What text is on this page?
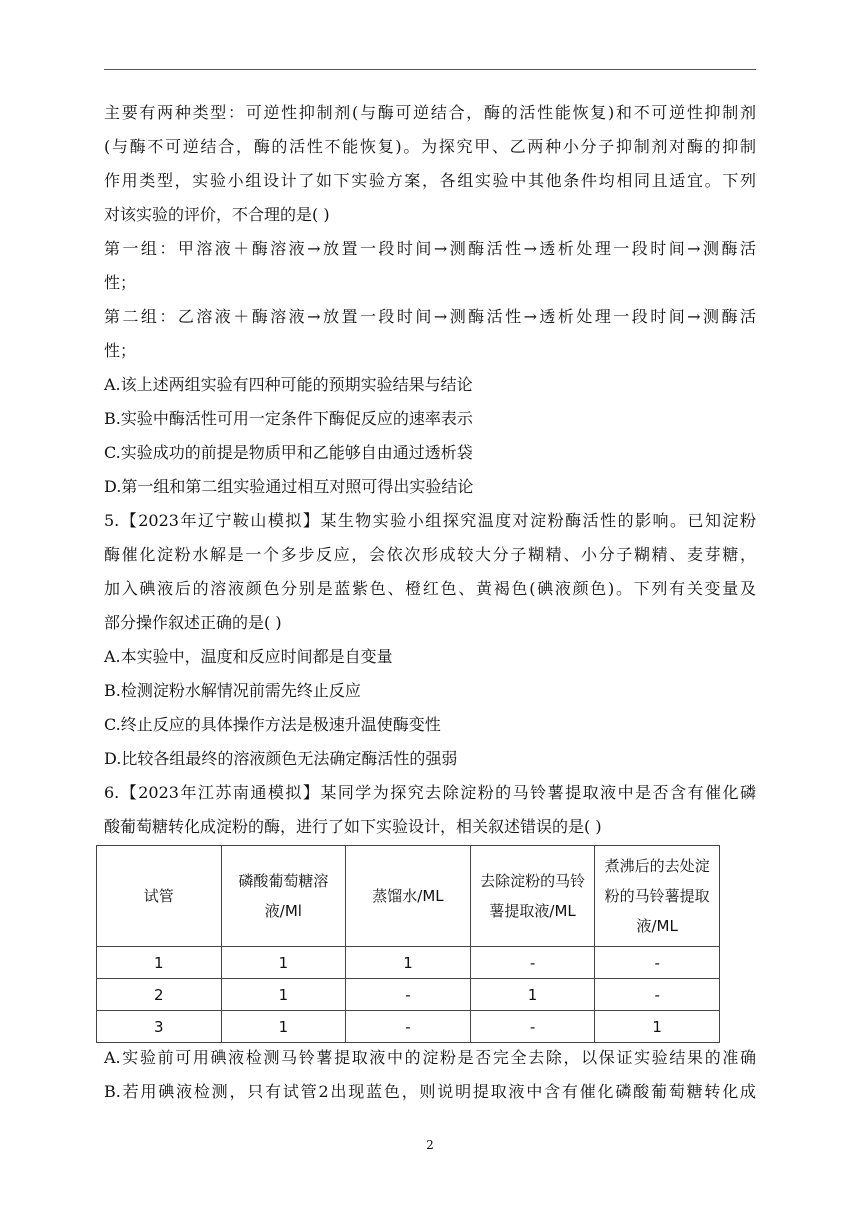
主要有两种类型：可逆性抑制剂(与酶可逆结合，酶的活性能恢复)和不可逆性抑制剂
(与酶不可逆结合，酶的活性不能恢复)。为探究甲、乙两种小分子抑制剂对酶的抑制
作用类型，实验小组设计了如下实验方案，各组实验中其他条件均相同且适宜。下列
对该实验的评价，不合理的是( )
第一组：甲溶液＋酶溶液→放置一段时间→测酶活性→透析处理一段时间→测酶活
性；
第二组：乙溶液＋酶溶液→放置一段时间→测酶活性→透析处理一段时间→测酶活
性；
A.该上述两组实验有四种可能的预期实验结果与结论
B.实验中酶活性可用一定条件下酶促反应的速率表示
C.实验成功的前提是物质甲和乙能够自由通过透析袋
D.第一组和第二组实验通过相互对照可得出实验结论
5.【2023年辽宁鞍山模拟】某生物实验小组探究温度对淀粉酶活性的影响。已知淀粉
酶催化淀粉水解是一个多步反应，会依次形成较大分子糊精、小分子糊精、麦芽糖，
加入碘液后的溶液颜色分别是蓝紫色、橙红色、黄褐色(碘液颜色)。下列有关变量及
部分操作叙述正确的是( )
A.本实验中，温度和反应时间都是自变量
B.检测淀粉水解情况前需先终止反应
C.终止反应的具体操作方法是极速升温使酶变性
D.比较各组最终的溶液颜色无法确定酶活性的强弱
6.【2023年江苏南通模拟】某同学为探究去除淀粉的马铃薯提取液中是否含有催化磷
酸葡萄糖转化成淀粉的酶，进行了如下实验设计，相关叙述错误的是( )
试管	磷酸葡萄糖溶液/Ml	蒸馏水/ML	去除淀粉的马铃薯提取液/ML	煮沸后的去处淀粉的马铃薯提取液/ML
1	1	1	-	-
2	1	-	1	-
3	1	-	-	1
A.实验前可用碘液检测马铃薯提取液中的淀粉是否完全去除，以保证实验结果的准确
B.若用碘液检测，只有试管2出现蓝色，则说明提取液中含有催化磷酸葡萄糖转化成
2
